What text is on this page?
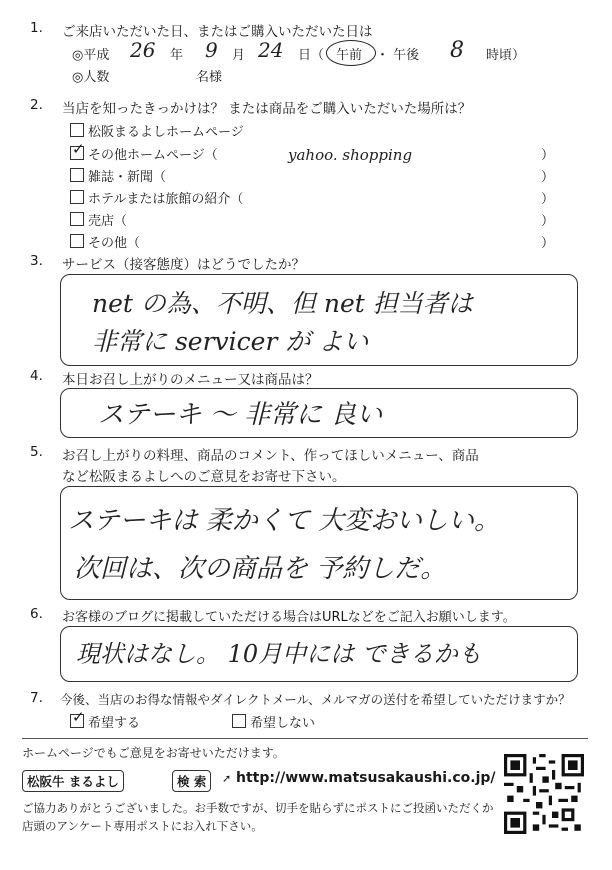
1. ご来店いただいた日、またはご購入いただいた日は
◎平成 26 年 9 月 24 日（ 午前 ・ 午後 8 時頃）
◎人数	名様
2. 当店を知ったきっかけは？ または商品をご購入いただいた場所は？
松阪まるよしホームページ
✓ その他ホームページ（	yahoo. shopping
雑誌・新聞（
ホテルまたは旅館の紹介（
売店（
その他（
）
）
）
）
）
3. サービス（接客態度）はどうでしたか？
net の為、不明、但 net 担当者は
非常に servicer が よい
4. 本日お召し上がりのメニュー又は商品は？
ステーキ 〜 非常に 良い
5. お召し上がりの料理、商品のコメント、作ってほしいメニュー、商品
など松阪まるよしへのご意見をお寄せ下さい。
ステーキは 柔かくて 大変おいしい。
次回は、次の商品を 予約しだ。
6. お客様のブログに掲載していただける場合はURLなどをご記入お願いします。
現状はなし。 10月中には できるかも
7. 今後、当店のお得な情報やダイレクトメール、メルマガの送付を希望していただけますか？
✓ 希望する	希望しない
ホームページでもご意見をお寄せいただけます。
松阪牛 まるよし	検 索	➚ http://www.matsusakaushi.co.jp/
ご協力ありがとうございました。お手数ですが、切手を貼らずにポストにご投函いただくか
店頭のアンケート専用ポストにお入れ下さい。
